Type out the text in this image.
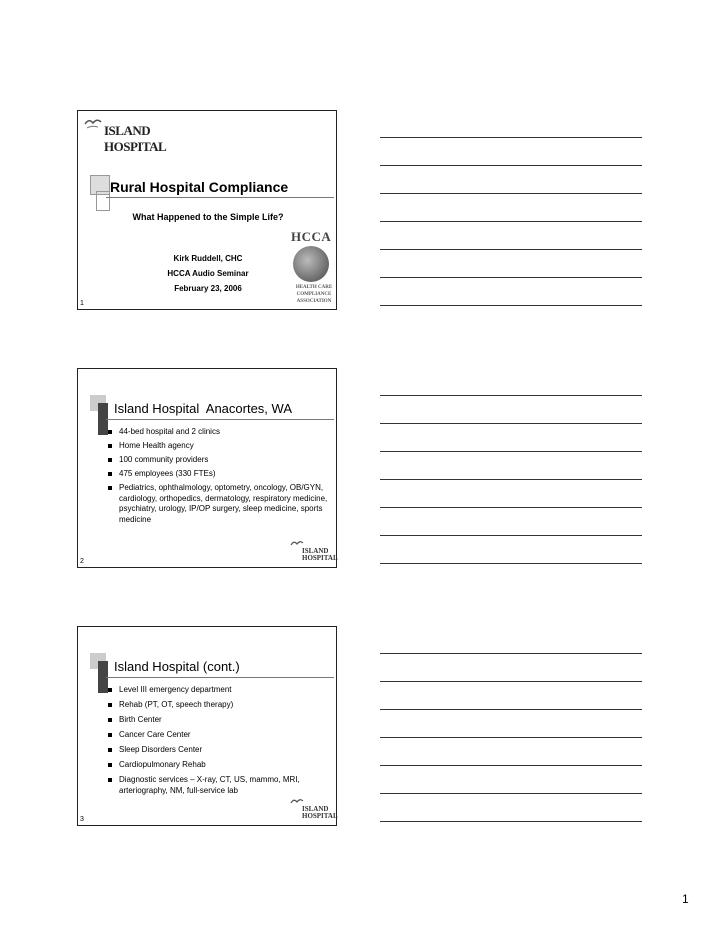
ISLAND HOSPITAL
Rural Hospital Compliance
What Happened to the Simple Life?
Kirk Ruddell, CHC
HCCA Audio Seminar
February 23, 2006
HCCA
HEALTH CARE
COMPLIANCE
ASSOCIATION
1
Island Hospital  Anacortes, WA
44-bed hospital and 2 clinics
Home Health agency
100 community providers
475 employees (330 FTEs)
Pediatrics, ophthalmology, optometry, oncology, OB/GYN, cardiology, orthopedics, dermatology, respiratory medicine, psychiatry, urology, IP/OP surgery, sleep medicine, sports medicine
ISLAND
HOSPITAL
2
Island Hospital (cont.)
Level III emergency department
Rehab (PT, OT, speech therapy)
Birth Center
Cancer Care Center
Sleep Disorders Center
Cardiopulmonary Rehab
Diagnostic services – X-ray, CT, US, mammo, MRI, arteriography, NM, full-service lab
ISLAND
HOSPITAL
3
1
